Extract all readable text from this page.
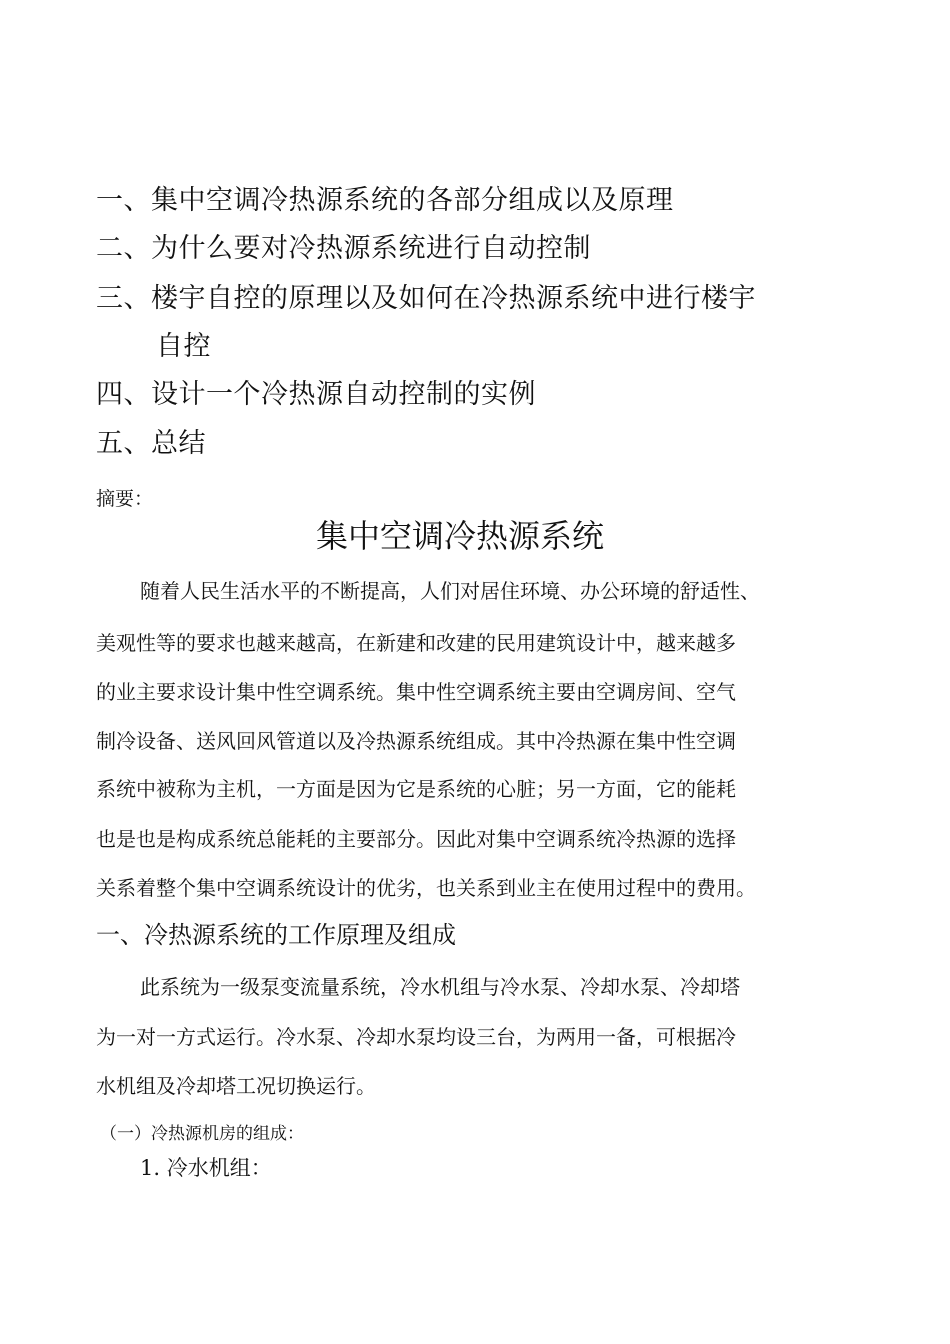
一、集中空调冷热源系统的各部分组成以及原理
二、为什么要对冷热源系统进行自动控制
三、楼宇自控的原理以及如何在冷热源系统中进行楼宇
自控
四、设计一个冷热源自动控制的实例
五、总结
摘要：
集中空调冷热源系统
随着人民生活水平的不断提高，人们对居住环境、办公环境的舒适性、
美观性等的要求也越来越高，在新建和改建的民用建筑设计中，越来越多
的业主要求设计集中性空调系统。集中性空调系统主要由空调房间、空气
制冷设备、送风回风管道以及冷热源系统组成。其中冷热源在集中性空调
系统中被称为主机，一方面是因为它是系统的心脏；另一方面，它的能耗
也是也是构成系统总能耗的主要部分。因此对集中空调系统冷热源的选择
关系着整个集中空调系统设计的优劣，也关系到业主在使用过程中的费用。
一、冷热源系统的工作原理及组成
此系统为一级泵变流量系统，冷水机组与冷水泵、冷却水泵、冷却塔
为一对一方式运行。冷水泵、冷却水泵均设三台，为两用一备，可根据冷
水机组及冷却塔工况切换运行。
（一）冷热源机房的组成：
1. 冷水机组：
